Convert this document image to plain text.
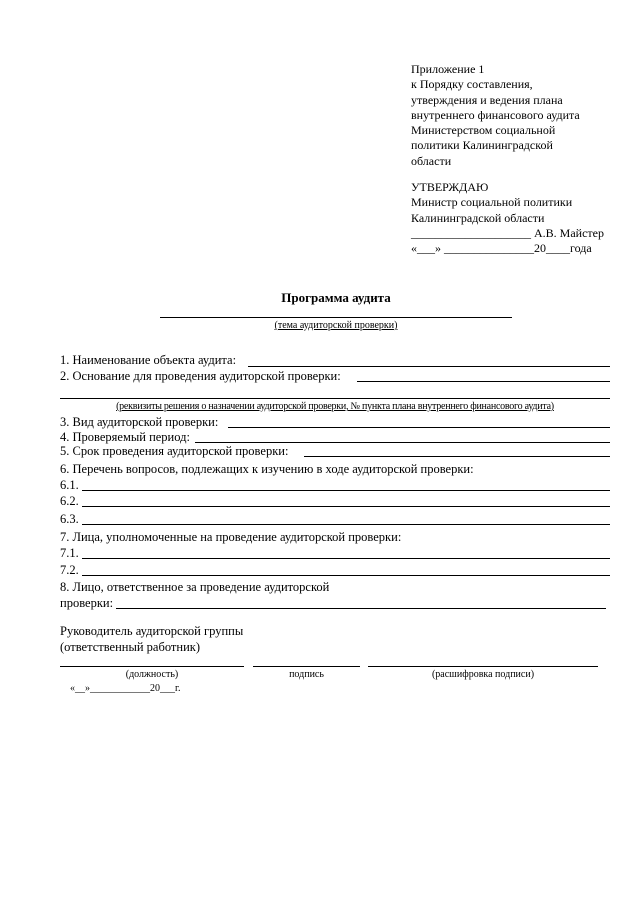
Приложение 1
к Порядку составления,
утверждения и ведения плана
внутреннего финансового аудита
Министерством социальной
политики Калининградской
области
УТВЕРЖДАЮ
Министр социальной политики
Калининградской области
____________________ А.В. Майстер
«___» _______________20____года
Программа аудита
(тема аудиторской проверки)
1. Наименование объекта аудита:
2. Основание для проведения аудиторской проверки:
(реквизиты решения о назначении аудиторской проверки, № пункта плана внутреннего финансового аудита)
3. Вид аудиторской проверки:
4. Проверяемый период:
5. Срок проведения аудиторской проверки:
6. Перечень вопросов, подлежащих к изучению в ходе аудиторской проверки:
6.1.
6.2.
6.3.
7. Лица, уполномоченные на проведение аудиторской проверки:
7.1.
7.2.
8. Лицо, ответственное за проведение аудиторской
проверки:
Руководитель аудиторской группы
(ответственный работник)
(должность)	подпись	(расшифровка подписи)
«__»____________20___г.
